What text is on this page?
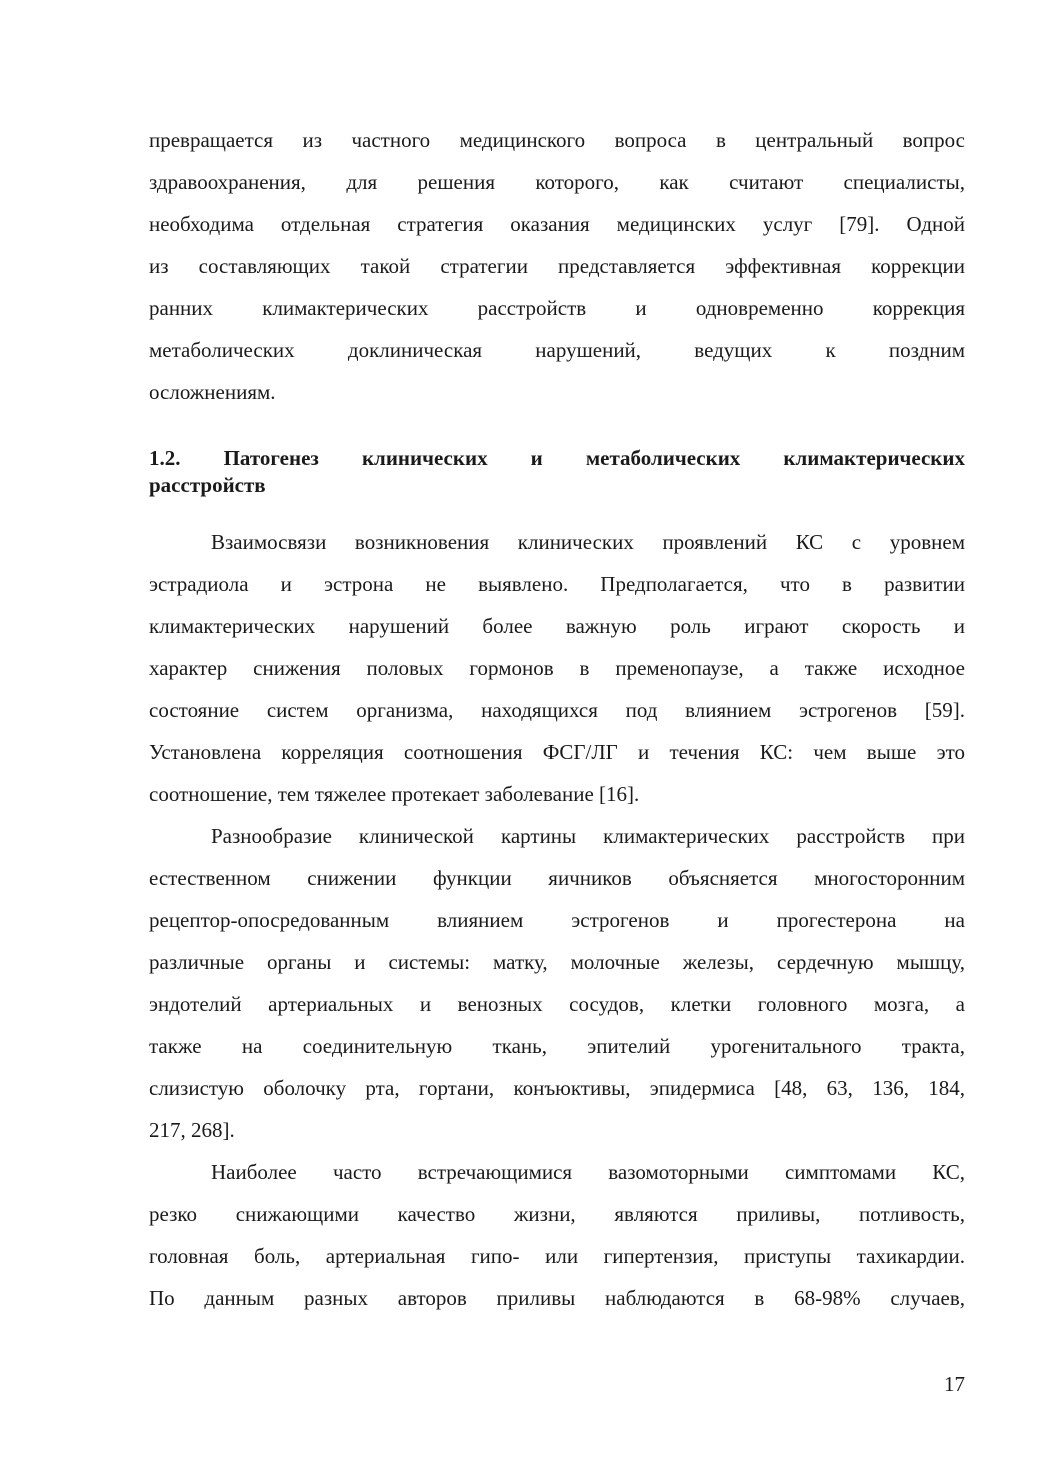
превращается из частного медицинского вопроса в центральный вопрос
здравоохранения, для решения которого, как считают специалисты,
необходима отдельная стратегия оказания медицинских услуг [79]. Одной
из составляющих такой стратегии представляется эффективная коррекции
ранних климактерических расстройств и одновременно коррекция
метаболических доклиническая нарушений, ведущих к поздним
осложнениям.

1.2. Патогенез клинических и метаболических климактерических
расстройств

Взаимосвязи возникновения клинических проявлений КС с уровнем
эстрадиола и эстрона не выявлено. Предполагается, что в развитии
климактерических нарушений более важную роль играют скорость и
характер снижения половых гормонов в пременопаузе, а также исходное
состояние систем организма, находящихся под влиянием эстрогенов [59].
Установлена корреляция соотношения ФСГ/ЛГ и течения КС: чем выше это
соотношение, тем тяжелее протекает заболевание [16].

Разнообразие клинической картины климактерических расстройств при
естественном снижении функции яичников объясняется многосторонним
рецептор-опосредованным влиянием эстрогенов и прогестерона на
различные органы и системы: матку, молочные железы, сердечную мышцу,
эндотелий артериальных и венозных сосудов, клетки головного мозга, а
также на соединительную ткань, эпителий урогенитального тракта,
слизистую оболочку рта, гортани, конъюктивы, эпидермиса [48, 63, 136, 184,
217, 268].

Наиболее часто встречающимися вазомоторными симптомами КС,
резко снижающими качество жизни, являются приливы, потливость,
головная боль, артериальная гипо- или гипертензия, приступы тахикардии.
По данным разных авторов приливы наблюдаются в 68-98% случаев,

17
